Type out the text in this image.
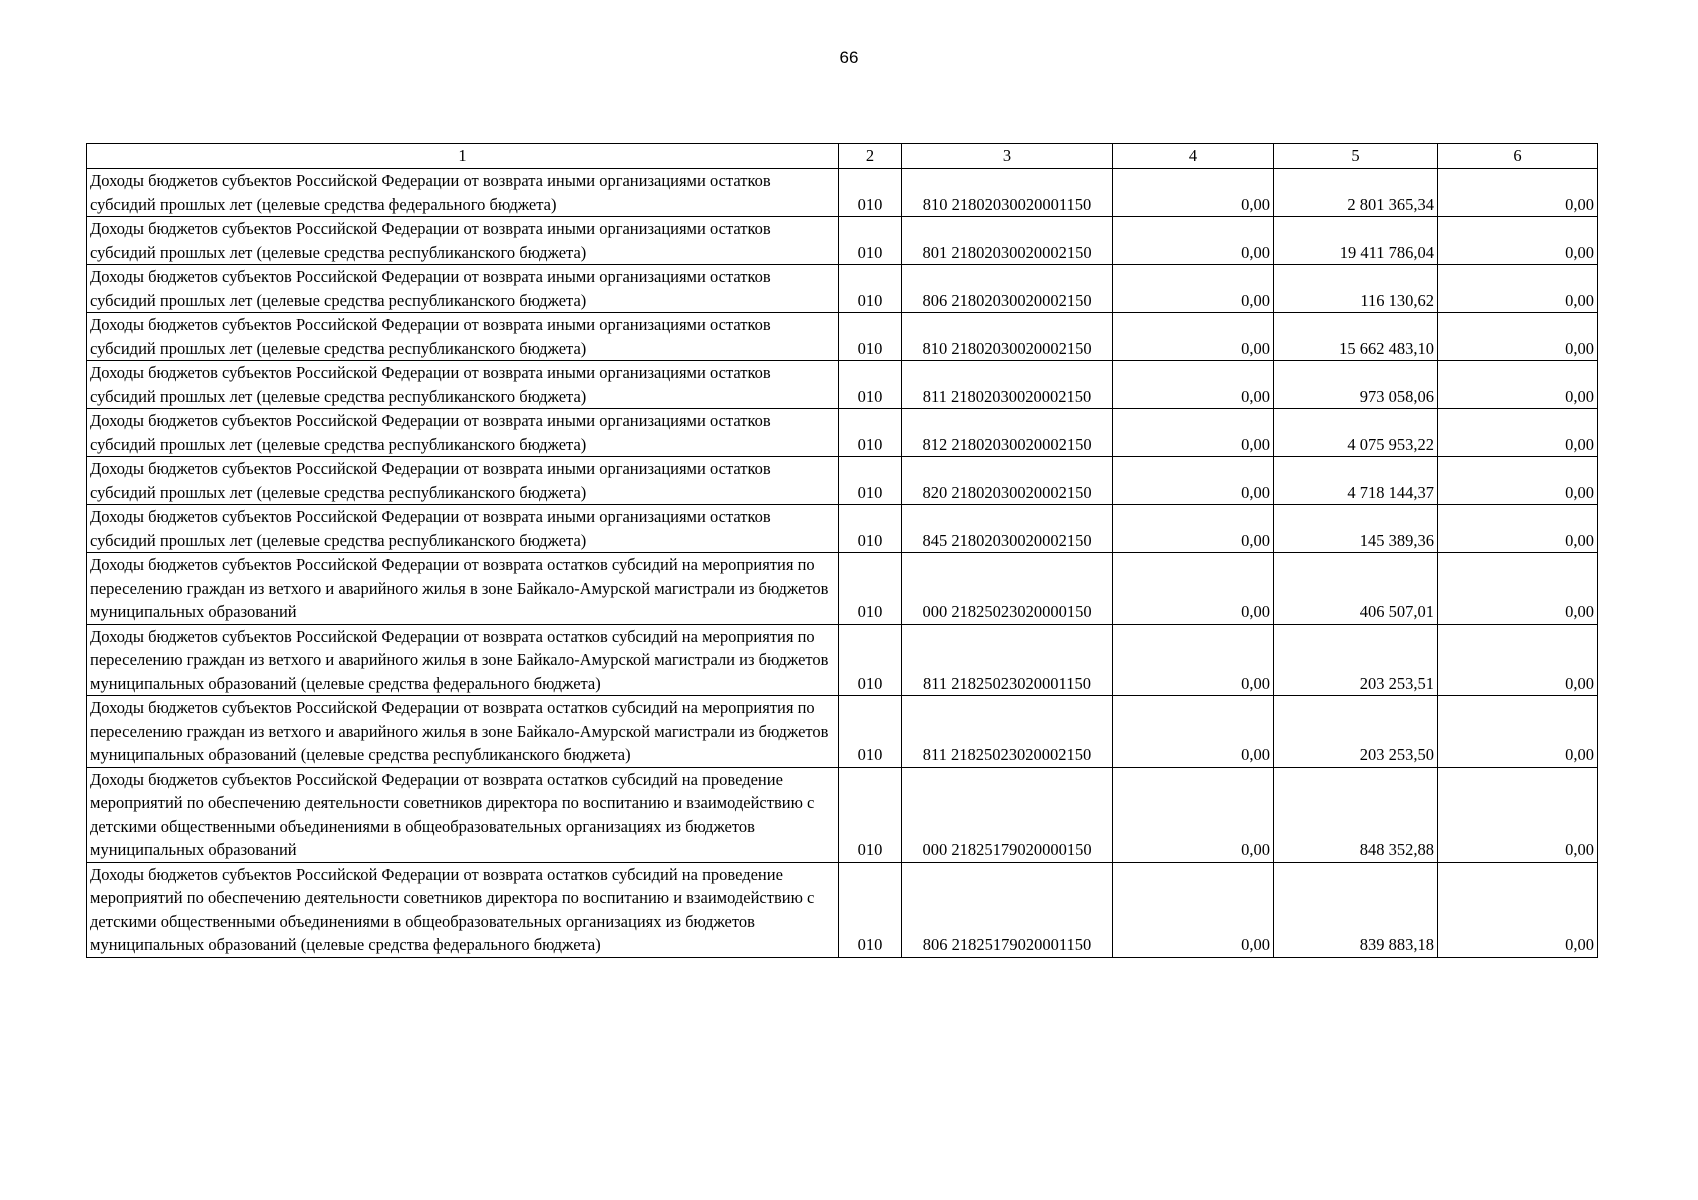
66
1	2	3	4	5	6
Доходы бюджетов субъектов Российской Федерации от возврата иными организациями остатков субсидий прошлых лет (целевые средства федерального бюджета)	010	810 21802030020001150	0,00	2 801 365,34	0,00
Доходы бюджетов субъектов Российской Федерации от возврата иными организациями остатков субсидий прошлых лет (целевые средства республиканского бюджета)	010	801 21802030020002150	0,00	19 411 786,04	0,00
Доходы бюджетов субъектов Российской Федерации от возврата иными организациями остатков субсидий прошлых лет (целевые средства республиканского бюджета)	010	806 21802030020002150	0,00	116 130,62	0,00
Доходы бюджетов субъектов Российской Федерации от возврата иными организациями остатков субсидий прошлых лет (целевые средства республиканского бюджета)	010	810 21802030020002150	0,00	15 662 483,10	0,00
Доходы бюджетов субъектов Российской Федерации от возврата иными организациями остатков субсидий прошлых лет (целевые средства республиканского бюджета)	010	811 21802030020002150	0,00	973 058,06	0,00
Доходы бюджетов субъектов Российской Федерации от возврата иными организациями остатков субсидий прошлых лет (целевые средства республиканского бюджета)	010	812 21802030020002150	0,00	4 075 953,22	0,00
Доходы бюджетов субъектов Российской Федерации от возврата иными организациями остатков субсидий прошлых лет (целевые средства республиканского бюджета)	010	820 21802030020002150	0,00	4 718 144,37	0,00
Доходы бюджетов субъектов Российской Федерации от возврата иными организациями остатков субсидий прошлых лет (целевые средства республиканского бюджета)	010	845 21802030020002150	0,00	145 389,36	0,00
Доходы бюджетов субъектов Российской Федерации от возврата остатков субсидий на мероприятия по переселению граждан из ветхого и аварийного жилья в зоне Байкало-Амурской магистрали из бюджетов муниципальных образований	010	000 21825023020000150	0,00	406 507,01	0,00
Доходы бюджетов субъектов Российской Федерации от возврата остатков субсидий на мероприятия по переселению граждан из ветхого и аварийного жилья в зоне Байкало-Амурской магистрали из бюджетов муниципальных образований (целевые средства федерального бюджета)	010	811 21825023020001150	0,00	203 253,51	0,00
Доходы бюджетов субъектов Российской Федерации от возврата остатков субсидий на мероприятия по переселению граждан из ветхого и аварийного жилья в зоне Байкало-Амурской магистрали из бюджетов муниципальных образований (целевые средства республиканского бюджета)	010	811 21825023020002150	0,00	203 253,50	0,00
Доходы бюджетов субъектов Российской Федерации от возврата остатков субсидий на проведение мероприятий по обеспечению деятельности советников директора по воспитанию и взаимодействию с детскими общественными объединениями в общеобразовательных организациях из бюджетов муниципальных образований	010	000 21825179020000150	0,00	848 352,88	0,00
Доходы бюджетов субъектов Российской Федерации от возврата остатков субсидий на проведение мероприятий по обеспечению деятельности советников директора по воспитанию и взаимодействию с детскими общественными объединениями в общеобразовательных организациях из бюджетов муниципальных образований (целевые средства федерального бюджета)	010	806 21825179020001150	0,00	839 883,18	0,00
